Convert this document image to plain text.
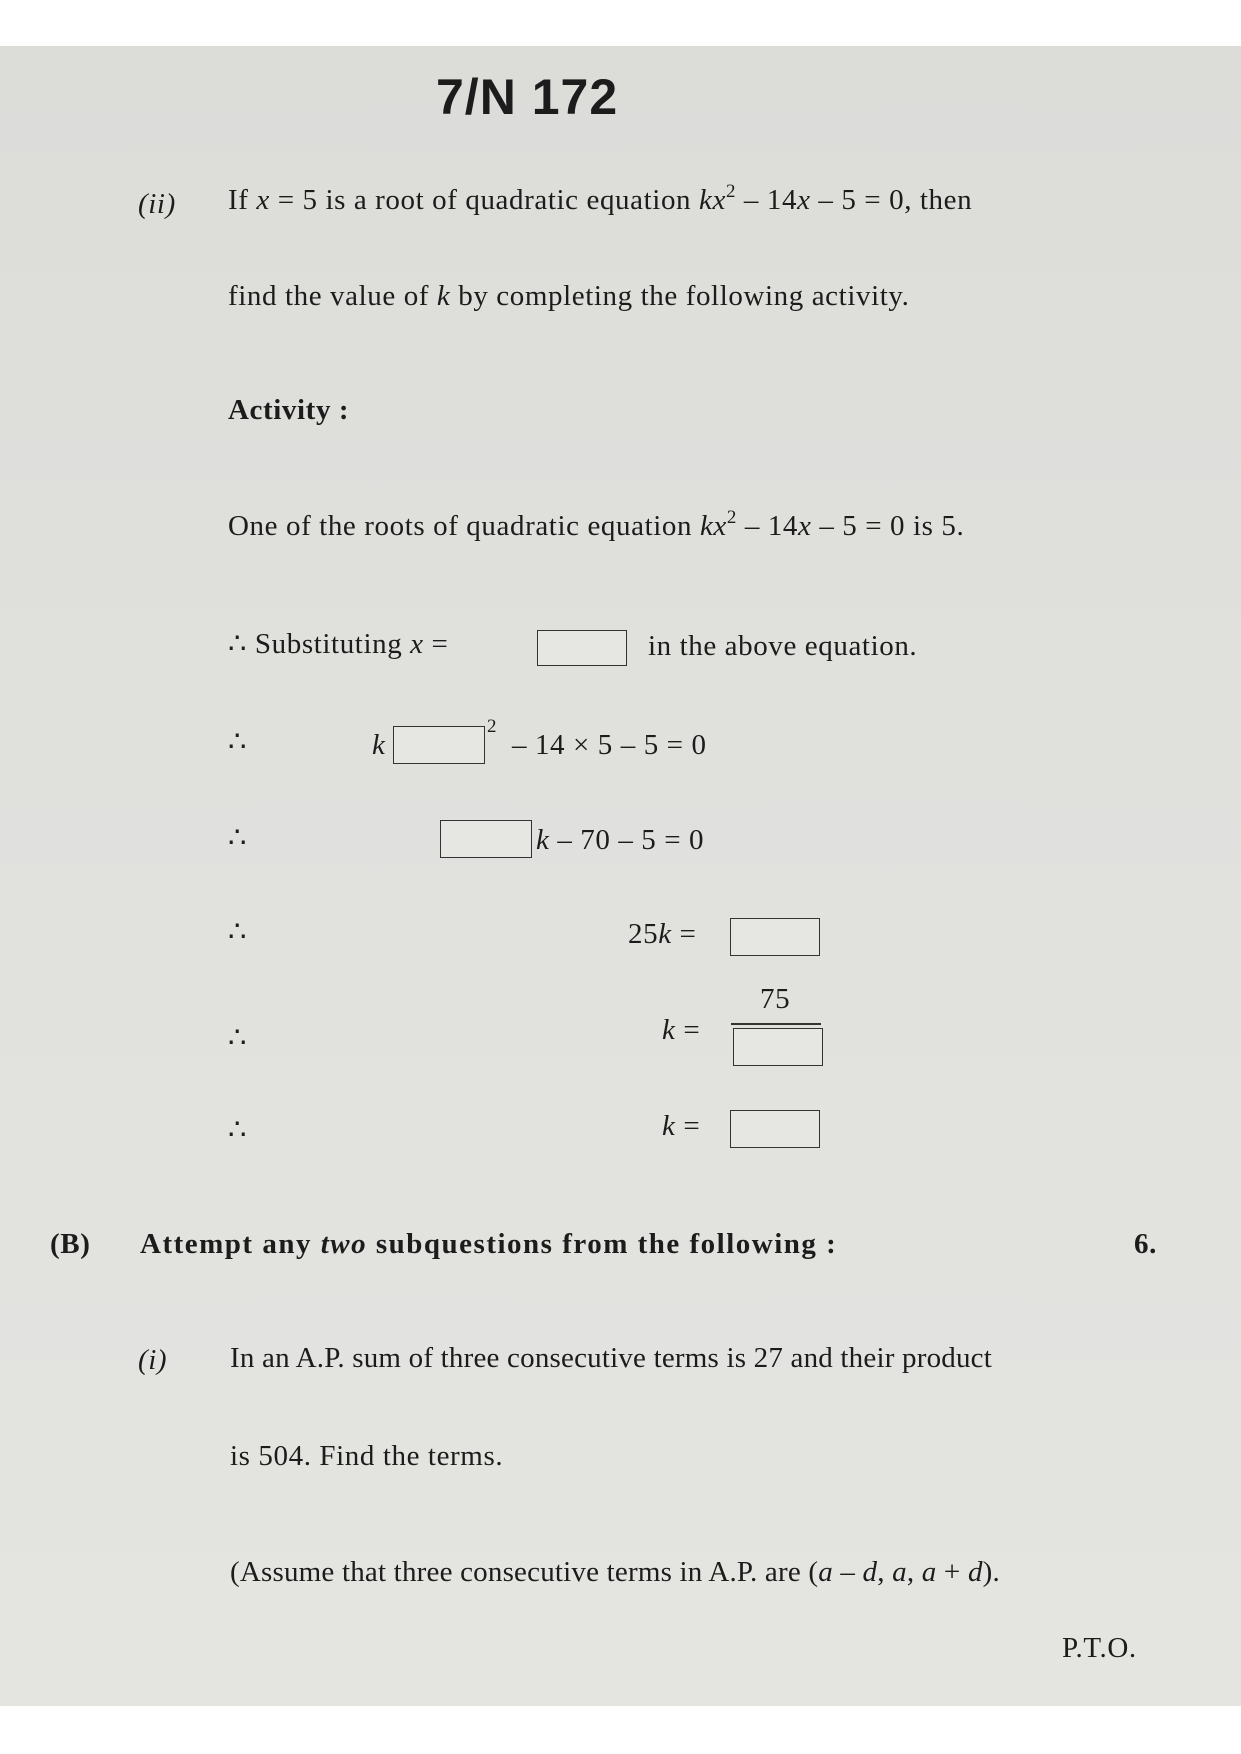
7/N 172
(ii) If x = 5 is a root of quadratic equation $kx^2 - 14x - 5 = 0$, then
find the value of k by completing the following activity.
Activity :
One of the roots of quadratic equation $kx^2 - 14x - 5 = 0$ is 5.
∴ Substituting x =	in the above equation.
∴	k
2
– 14 × 5 – 5 = 0
∴	k – 70 – 5 = 0
∴	25k =
∴	k =
75
∴	k =
(B) Attempt any two subquestions from the following :	6.
(i) In an A.P. sum of three consecutive terms is 27 and their product
is 504. Find the terms.
(Assume that three consecutive terms in A.P. are (a – d, a, a + d).
P.T.O.
